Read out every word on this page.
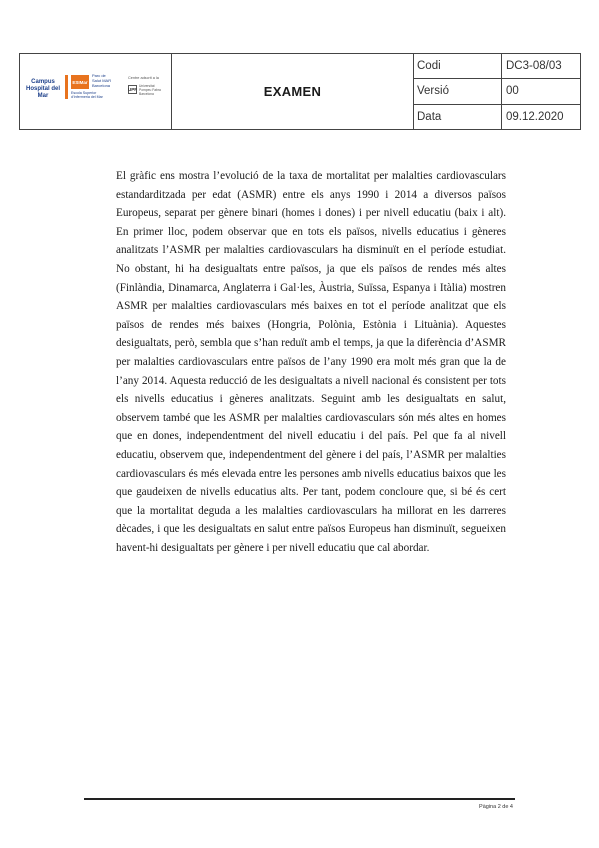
Campus Hospital del Mar
ESIMar
Escola Superior d'Infermeria del Mar
Parc de Salut MAR Barcelona
Centre adscrit a la
UPF
Universitat Pompeu Fabra Barcelona	EXAMEN
Codi	DC3-08/03
Versió	00
Data	09.12.2020

El gràfic ens mostra l’evolució de la taxa de mortalitat per malalties cardiovasculars estandarditzada per edat (ASMR) entre els anys 1990 i 2014 a diversos països Europeus, separat per gènere binari (homes i dones) i per nivell educatiu (baix i alt). En primer lloc, podem observar que en tots els països, nivells educatius i gèneres analitzats l’ASMR per malalties cardiovasculars ha disminuït en el període estudiat. No obstant, hi ha desigualtats entre països, ja que els països de rendes més altes (Finlàndia, Dinamarca, Anglaterra i Gal·les, Àustria, Suïssa, Espanya i Itàlia) mostren ASMR per malalties cardiovasculars més baixes en tot el període analitzat que els països de rendes més baixes (Hongria, Polònia, Estònia i Lituània). Aquestes desigualtats, però, sembla que s’han reduït amb el temps, ja que la diferència d’ASMR per malalties cardiovasculars entre països de l’any 1990 era molt més gran que la de l’any 2014. Aquesta reducció de les desigualtats a nivell nacional és consistent per tots els nivells educatius i gèneres analitzats. Seguint amb les desigualtats en salut, observem també que les ASMR per malalties cardiovasculars són més altes en homes que en dones, independentment del nivell educatiu i del país. Pel que fa al nivell educatiu, observem que, independentment del gènere i del país, l’ASMR per malalties cardiovasculars és més elevada entre les persones amb nivells educatius baixos que les que gaudeixen de nivells educatius alts. Per tant, podem concloure que, si bé és cert que la mortalitat deguda a les malalties cardiovasculars ha millorat en les darreres dècades, i que les desigualtats en salut entre països Europeus han disminuït, segueixen havent-hi desigualtats per gènere i per nivell educatiu que cal abordar.

Pàgina 2 de 4
